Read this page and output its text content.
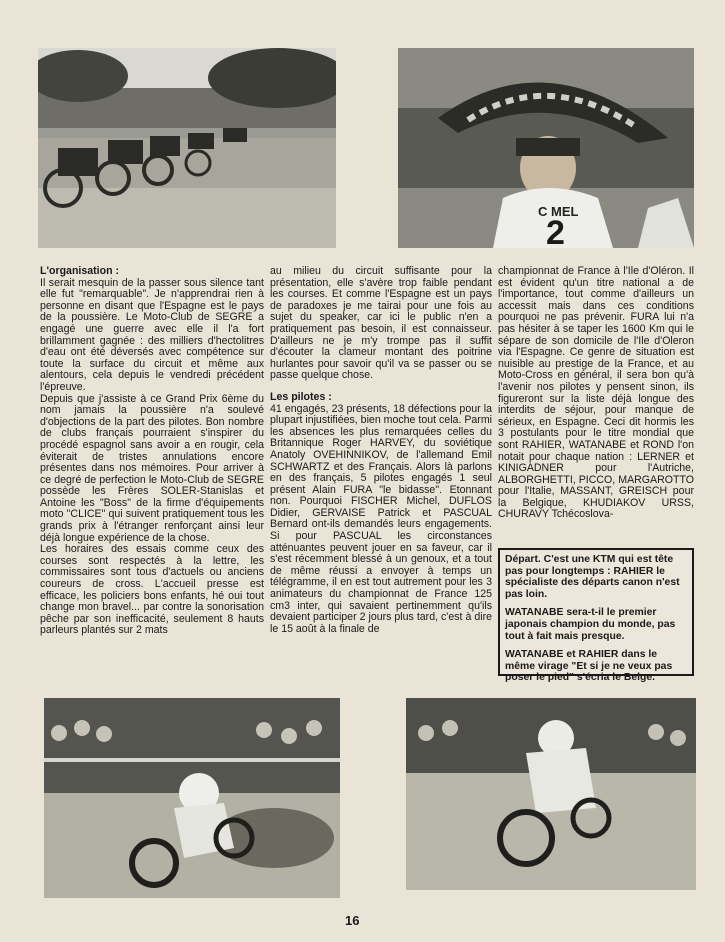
C MEL
2
L'organisation :

Il serait mesquin de la passer sous silence tant elle fut "remarquable". Je n'apprendrai rien à personne en disant que l'Espagne est le pays de la poussière. Le Moto-Club de SEGRE a engagé une guerre avec elle il l'a fort brillamment gagnée : des milliers d'hectolitres d'eau ont été déversés avec compétence sur toute la surface du circuit et même aux alentours, cela depuis le vendredi précédent l'épreuve.

Depuis que j'assiste à ce Grand Prix 6ème du nom jamais la poussière n'a soulevé d'objections de la part des pilotes. Bon nombre de clubs français pourraient s'inspirer du procédé espagnol sans avoir a en rougir, cela éviterait de tristes annulations encore présentes dans nos mémoires. Pour arriver à ce degré de perfection le Moto-Club de SEGRE possède les Frères SOLER-Stanislas et Antoine les "Boss" de la firme d'équipements moto "CLICE" qui suivent pratiquement tous les grands prix à l'étranger renforçant ainsi leur déjà longue expérience de la chose.

Les horaires des essais comme ceux des courses sont respectés à la lettre, les commissaires sont tous d'actuels ou anciens coureurs de cross. L'accueil presse est efficace, les policiers bons enfants, hé oui tout change mon bravel... par contre la sonorisation pêche par son inefficacité, seulement 8 hauts parleurs plantés sur 2 mats

au milieu du circuit suffisante pour la présentation, elle s'avère trop faible pendant les courses. Et comme l'Espagne est un pays de paradoxes je me tairai pour une fois au sujet du speaker, car ici le public n'en a pratiquement pas besoin, il est connaisseur. D'ailleurs ne je m'y trompe pas il suffit d'écouter la clameur montant des poitrine hurlantes pour savoir qu'il va se passer ou se passe quelque chose.

Les pilotes :

41 engagés, 23 présents, 18 défections pour la plupart injustifiées, bien moche tout cela. Parmi les absences les plus remarquées celles du Britannique Roger HARVEY, du soviétique Anatoly OVEHINNIKOV, de l'allemand Emil SCHWARTZ et des Français. Alors là parlons en des français, 5 pilotes engagés 1 seul présent Alain FURA "le bidasse". Etonnant non. Pourquoi FISCHER Michel, DUFLOS Didier, GERVAISE Patrick et PASCUAL Bernard ont-ils demandés leurs engagements. Si pour PASCUAL les circonstances atténuantes peuvent jouer en sa faveur, car il s'est récemment blessé à un genoux, et a tout de même réussi a envoyer à temps un télégramme, il en est tout autrement pour les 3 animateurs du championnat de France 125 cm3 inter, qui savaient pertinemment qu'ils devaient participer 2 jours plus tard, c'est à dire le 15 août à la finale de

championnat de France à l'Ile d'Oléron. Il est évident qu'un titre national a de l'importance, tout comme d'ailleurs un accessit mais dans ces conditions pourquoi ne pas prévenir. FURA lui n'a pas hésiter à se taper les 1600 Km qui le sépare de son domicile de l'Ile d'Oleron via l'Espagne. Ce genre de situation est nuisible au prestige de la France, et au Moto-Cross en général, il sera bon qu'à l'avenir nos pilotes y pensent sinon, ils figureront sur la liste déjà longue des interdits de séjour, pour manque de sérieux, en Espagne. Ceci dit hormis les 3 postulants pour le titre mondial que sont RAHIER, WATANABE et ROND l'on notait pour chaque nation : LERNER et KINIGADNER pour l'Autriche, ALBORGHETTI, PICCO, MARGAROTTO pour l'Italie, MASSANT, GREISCH pour la Belgique, KHUDIAKOV URSS, CHURAVY Tchécoslova-

Départ. C'est une KTM qui est tête pas pour longtemps : RAHIER le spécialiste des départs canon n'est pas loin.

WATANABE sera-t-il le premier japonais champion du monde, pas tout à fait mais presque.

WATANABE et RAHIER dans le même virage "Et si je ne veux pas poser le pied" s'écria le Belge.

16
